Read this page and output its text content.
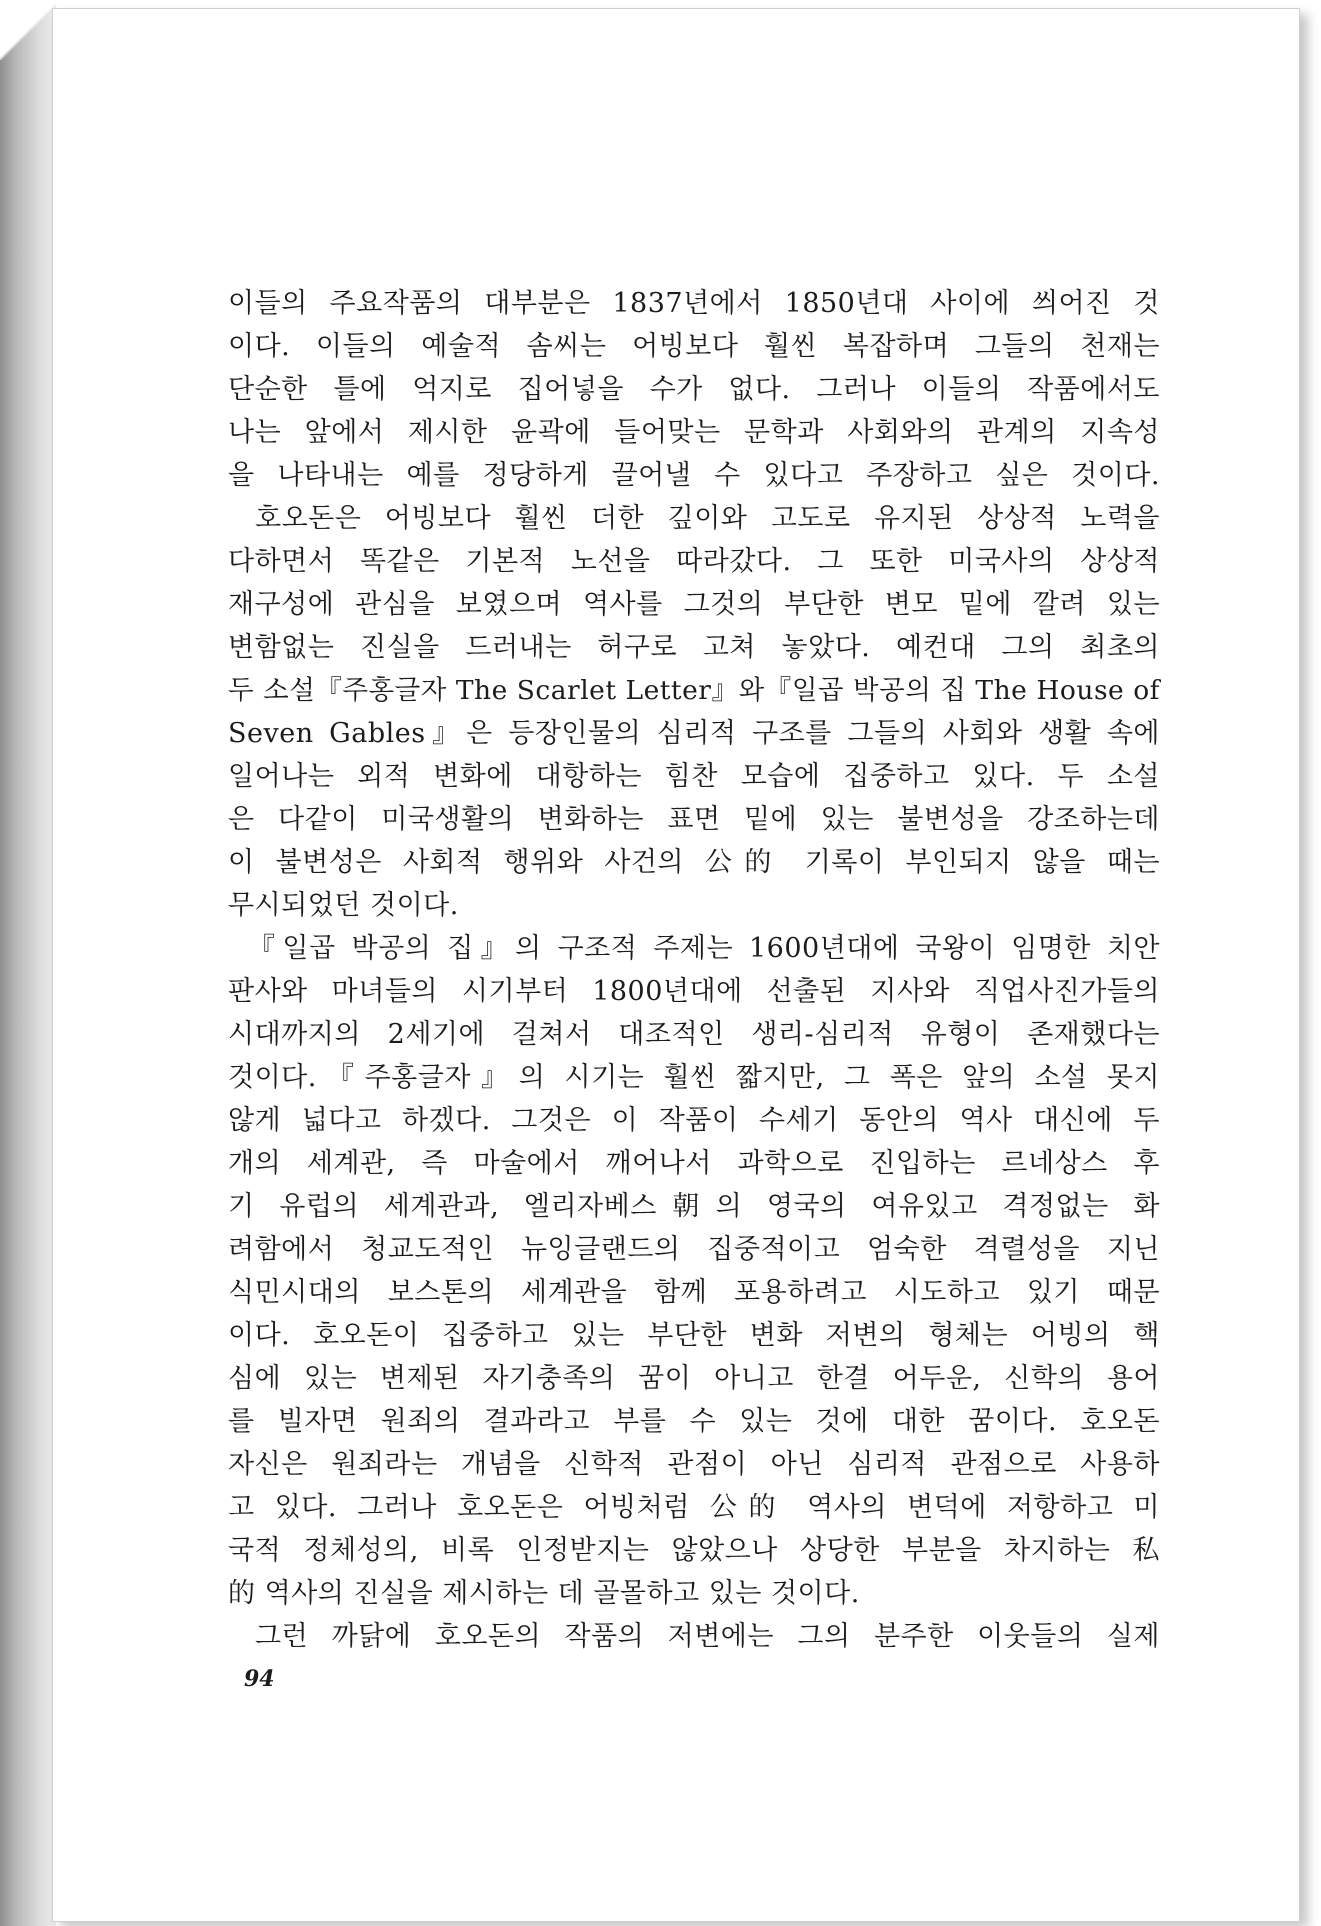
이들의 주요작품의 대부분은 1837년에서 1850년대 사이에 씌어진 것
이다. 이들의 예술적 솜씨는 어빙보다 훨씬 복잡하며 그들의 천재는
단순한 틀에 억지로 집어넣을 수가 없다. 그러나 이들의 작품에서도
나는 앞에서 제시한 윤곽에 들어맞는 문학과 사회와의 관계의 지속성
을 나타내는 예를 정당하게 끌어낼 수 있다고 주장하고 싶은 것이다.

호오돈은 어빙보다 훨씬 더한 깊이와 고도로 유지된 상상적 노력을
다하면서 똑같은 기본적 노선을 따라갔다. 그 또한 미국사의 상상적
재구성에 관심을 보였으며 역사를 그것의 부단한 변모 밑에 깔려 있는
변함없는 진실을 드러내는 허구로 고쳐 놓았다. 예컨대 그의 최초의
두 소설『주홍글자 The Scarlet Letter』와『일곱 박공의 집 The House of
Seven Gables』은 등장인물의 심리적 구조를 그들의 사회와 생활 속에
일어나는 외적 변화에 대항하는 힘찬 모습에 집중하고 있다. 두 소설
은 다같이 미국생활의 변화하는 표면 밑에 있는 불변성을 강조하는데
이 불변성은 사회적 행위와 사건의 公的 기록이 부인되지 않을 때는
무시되었던 것이다.

『일곱 박공의 집』의 구조적 주제는 1600년대에 국왕이 임명한 치안
판사와 마녀들의 시기부터 1800년대에 선출된 지사와 직업사진가들의
시대까지의 2세기에 걸쳐서 대조적인 생리-심리적 유형이 존재했다는
것이다.『주홍글자』의 시기는 훨씬 짧지만, 그 폭은 앞의 소설 못지
않게 넓다고 하겠다. 그것은 이 작품이 수세기 동안의 역사 대신에 두
개의 세계관, 즉 마술에서 깨어나서 과학으로 진입하는 르네상스 후
기 유럽의 세계관과, 엘리자베스朝의 영국의 여유있고 격정없는 화
려함에서 청교도적인 뉴잉글랜드의 집중적이고 엄숙한 격렬성을 지닌
식민시대의 보스톤의 세계관을 함께 포용하려고 시도하고 있기 때문
이다. 호오돈이 집중하고 있는 부단한 변화 저변의 형체는 어빙의 핵
심에 있는 변제된 자기충족의 꿈이 아니고 한결 어두운, 신학의 용어
를 빌자면 원죄의 결과라고 부를 수 있는 것에 대한 꿈이다. 호오돈
자신은 원죄라는 개념을 신학적 관점이 아닌 심리적 관점으로 사용하
고 있다. 그러나 호오돈은 어빙처럼 公的 역사의 변덕에 저항하고 미
국적 정체성의, 비록 인정받지는 않았으나 상당한 부분을 차지하는 私
的 역사의 진실을 제시하는 데 골몰하고 있는 것이다.

그런 까닭에 호오돈의 작품의 저변에는 그의 분주한 이웃들의 실제

94
